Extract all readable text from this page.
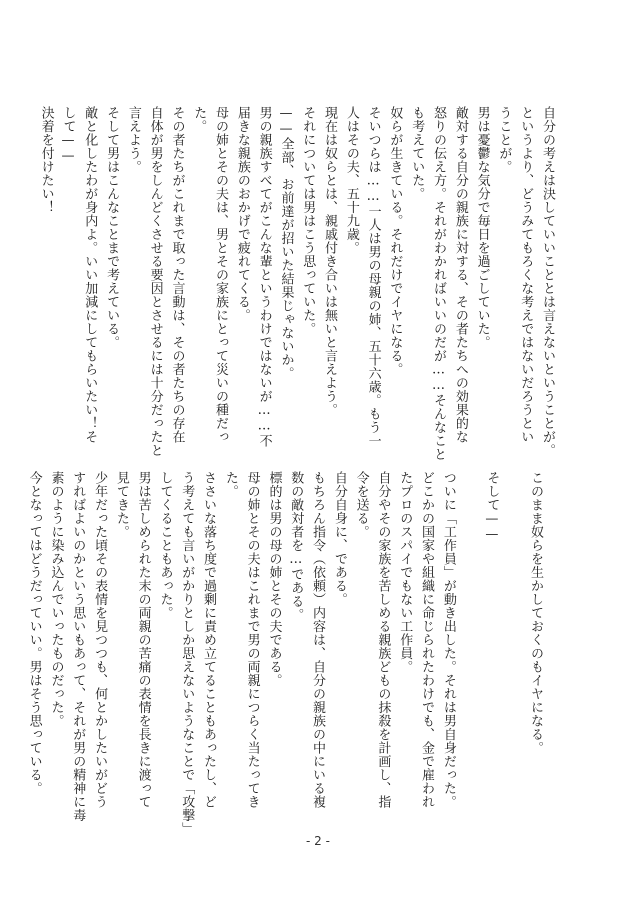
自分の考えは決していいこととは言えないということが。
というより、どうみてもろくな考えではないだろうとい
うことが。
男は憂鬱な気分で毎日を過ごしていた。
敵対する自分の親族に対する、その者たちへの効果的な
怒りの伝え方。それがわかればいいのだが……そんなこと
も考えていた。
奴らが生きている。それだけでイヤになる。
そいつらは……一人は男の母親の姉、五十六歳。もう一
人はその夫、五十九歳。
現在は奴らとは、親戚付き合いは無いと言えよう。
それについては男はこう思っていた。
——全部、お前達が招いた結果じゃないか。
男の親族すべてがこんな輩というわけではないが……不
届きな親族のおかげで疲れてくる。
母の姉とその夫は、男とその家族にとって災いの種だっ
た。
その者たちがこれまで取った言動は、その者たちの存在
自体が男をしんどくさせる要因とさせるには十分だったと
言えよう。
そして男はこんなことまで考えている。
敵と化したわが身内よ。いい加減にしてもらいたい！そ
して——
決着を付けたい！
このまま奴らを生かしておくのもイヤになる。

そして——

ついに「工作員」が動き出した。それは男自身だった。
どこかの国家や組織に命じられたわけでも、金で雇われ
たプロのスパイでもない工作員。
自分やその家族を苦しめる親族どもの抹殺を計画し、指
令を送る。
自分自身に、である。
もちろん指令（依頼）内容は、自分の親族の中にいる複
数の敵対者を…である。
標的は男の母の姉とその夫である。
母の姉とその夫はこれまで男の両親につらく当たってき
た。
ささいな落ち度で過剰に責め立てることもあったし、ど
う考えても言いがかりとしか思えないようなことで「攻撃」
してくることもあった。
男は苦しめられた末の両親の苦痛の表情を長きに渡って
見てきた。
少年だった頃その表情を見つつも、何とかしたいがどう
すればよいのかという思いもあって、それが男の精神に毒
素のように染み込んでいったものだった。
今となってはどうだっていい。男はそう思っている。
- 2 -
